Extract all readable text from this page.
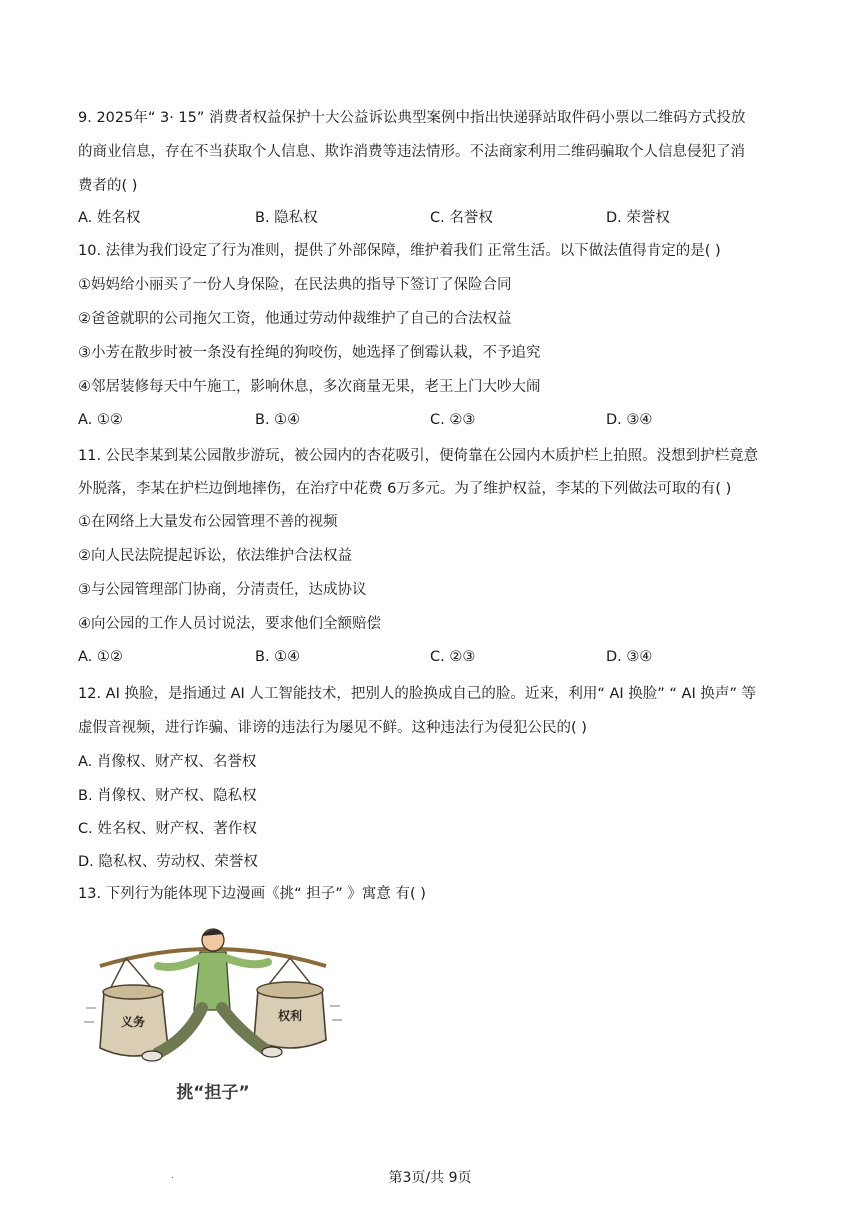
9. 2025年“ 3· 15” 消费者权益保护十大公益诉讼典型案例中指出快递驿站取件码小票以二维码方式投放
的商业信息，存在不当获取个人信息、欺诈消费等违法情形。不法商家利用二维码骗取个人信息侵犯了消
费者的( )
A. 姓名权	B. 隐私权	C. 名誉权	D. 荣誉权
10. 法律为我们设定了行为准则，提供了外部保障，维护着我们 正常生活。以下做法值得肯定的是( )
①妈妈给小丽买了一份人身保险，在民法典的指导下签订了保险合同
②爸爸就职的公司拖欠工资，他通过劳动仲裁维护了自己的合法权益
③小芳在散步时被一条没有拴绳的狗咬伤，她选择了倒霉认栽，不予追究
④邻居装修每天中午施工，影响休息，多次商量无果，老王上门大吵大闹
A. ①②	B. ①④	C. ②③	D. ③④
11. 公民李某到某公园散步游玩，被公园内的杏花吸引，便倚靠在公园内木质护栏上拍照。没想到护栏竟意
外脱落，李某在护栏边倒地摔伤，在治疗中花费 6万多元。为了维护权益，李某的下列做法可取的有( )
①在网络上大量发布公园管理不善的视频
②向人民法院提起诉讼，依法维护合法权益
③与公园管理部门协商，分清责任，达成协议
④向公园的工作人员讨说法，要求他们全额赔偿
A. ①②	B. ①④	C. ②③	D. ③④
12. AI 换脸，是指通过 AI 人工智能技术，把别人的脸换成自己的脸。近来，利用“ AI 换脸” “ AI 换声” 等
虚假音视频，进行诈骗、诽谤的违法行为屡见不鲜。这种违法行为侵犯公民的( )
A. 肖像权、财产权、名誉权
B. 肖像权、财产权、隐私权
C. 姓名权、财产权、著作权
D. 隐私权、劳动权、荣誉权
13. 下列行为能体现下边漫画《挑“ 担子” 》寓意 有( )
义务	权利
挑“担子”
.	第3页/共 9页
